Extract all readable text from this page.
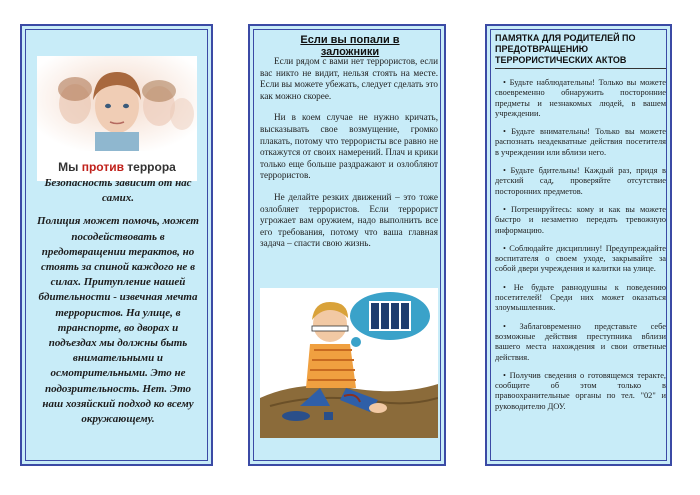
Мы против террора

Безопасность зависит от нас самих.

Полиция может помочь, может посодействовать в предотвращении терактов, но стоять за спиной каждого не в силах. Притупление нашей бдительности - извечная мечта террористов. На улице, в транспорте, во дворах и подъездах мы должны быть внимательными и осмотрительными. Это не подозрительность. Нет. Это наш хозяйский подход ко всему окружающему.

Если вы попали в заложники

Если рядом с вами нет террористов, если вас никто не видит, нельзя стоять на месте. Если вы можете убежать, следует сделать это как можно скорее.

Ни в коем случае не нужно кричать, высказывать свое возмущение, громко плакать, потому что террористы все равно не откажутся от своих намерений. Плач и крики только еще больше раздражают и озлобляют террористов.

Не делайте резких движений – это тоже озлобляет террористов. Если террорист угрожает вам оружием, надо выполнить все его требования, потому что ваша главная задача – спасти свою жизнь.

ПАМЯТКА ДЛЯ РОДИТЕЛЕЙ ПО ПРЕДОТВРАЩЕНИЮ ТЕРРОРИСТИЧЕСКИХ АКТОВ

• Будьте наблюдательны! Только вы можете своевременно обнаружить посторонние предметы и незнакомых людей, в вашем учреждении.

• Будьте внимательны! Только вы можете распознать неадекватные действия посетителя в учреждении или вблизи него.

• Будьте бдительны! Каждый раз, придя в детский сад, проверяйте отсутствие посторонних предметов.

• Потренируйтесь: кому и как вы можете быстро и незаметно передать тревожную информацию.

• Соблюдайте дисциплину! Предупреждайте воспитателя о своем уходе, закрывайте за собой двери учреждения и калитки на улице.

• Не будьте равнодушны к поведению посетителей! Среди них может оказаться злоумышленник.

• Заблаговременно представьте себе возможные действия преступника вблизи вашего места нахождения и свои ответные действия.

• Получив сведения о готовящемся теракте, сообщите об этом только в правоохранительные органы по тел. "02" и руководителю ДОУ.
